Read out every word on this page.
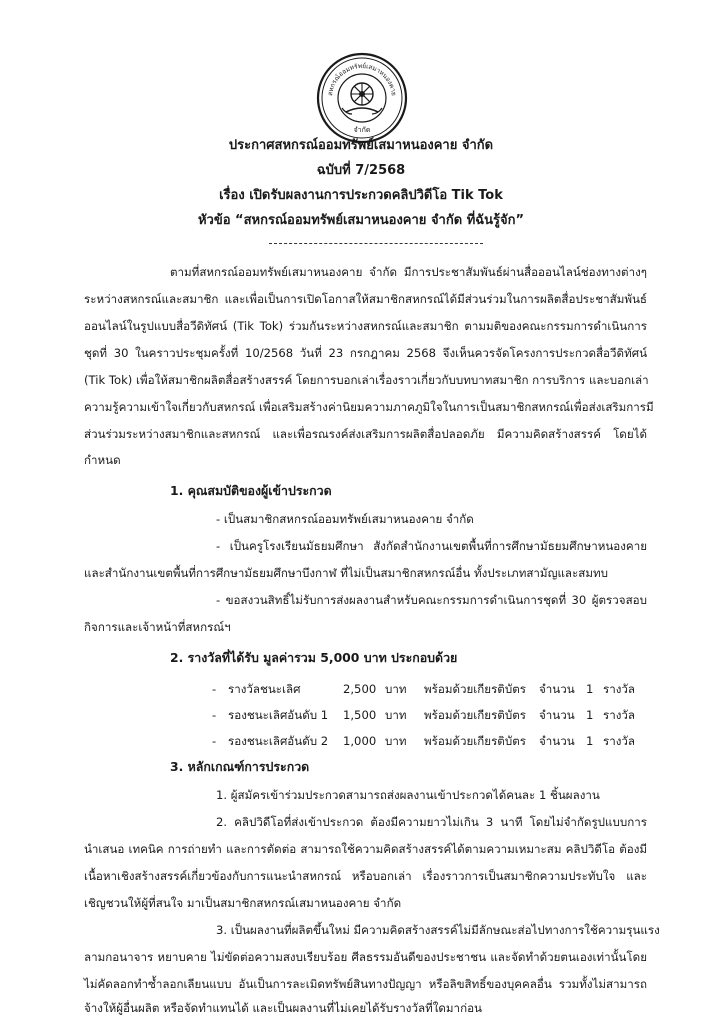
สหกรณ์ออมทรัพย์เสมาหนองคาย
จำกัด
ประกาศสหกรณ์ออมทรัพย์เสมาหนองคาย จำกัด
ฉบับที่ 7/2568
เรื่อง เปิดรับผลงานการประกวดคลิปวิดีโอ Tik Tok
หัวข้อ “สหกรณ์ออมทรัพย์เสมาหนองคาย จำกัด ที่ฉันรู้จัก”
ตามที่สหกรณ์ออมทรัพย์เสมาหนองคาย จำกัด มีการประชาสัมพันธ์ผ่านสื่อออนไลน์ช่องทางต่างๆ
ระหว่างสหกรณ์และสมาชิก และเพื่อเป็นการเปิดโอกาสให้สมาชิกสหกรณ์ได้มีส่วนร่วมในการผลิตสื่อประชาสัมพันธ์
ออนไลน์ในรูปแบบสื่อวีดิทัศน์ (Tik Tok) ร่วมกันระหว่างสหกรณ์และสมาชิก ตามมติของคณะกรรมการดำเนินการ
ชุดที่ 30 ในคราวประชุมครั้งที่ 10/2568 วันที่ 23 กรกฎาคม 2568 จึงเห็นควรจัดโครงการประกวดสื่อวีดิทัศน์
(Tik Tok) เพื่อให้สมาชิกผลิตสื่อสร้างสรรค์ โดยการบอกเล่าเรื่องราวเกี่ยวกับบทบาทสมาชิก การบริการ และบอกเล่า
ความรู้ความเข้าใจเกี่ยวกับสหกรณ์ เพื่อเสริมสร้างค่านิยมความภาคภูมิใจในการเป็นสมาชิกสหกรณ์เพื่อส่งเสริมการมี
ส่วนร่วมระหว่างสมาชิกและสหกรณ์ และเพื่อรณรงค์ส่งเสริมการผลิตสื่อปลอดภัย มีความคิดสร้างสรรค์ โดยได้
กำหนด
1. คุณสมบัติของผู้เข้าประกวด
- เป็นสมาชิกสหกรณ์ออมทรัพย์เสมาหนองคาย จำกัด
- เป็นครูโรงเรียนมัธยมศึกษา สังกัดสำนักงานเขตพื้นที่การศึกษามัธยมศึกษาหนองคาย
และสำนักงานเขตพื้นที่การศึกษามัธยมศึกษาบึงกาฬ ที่ไม่เป็นสมาชิกสหกรณ์อื่น ทั้งประเภทสามัญและสมทบ
- ขอสงวนสิทธิ์ไม่รับการส่งผลงานสำหรับคณะกรรมการดำเนินการชุดที่ 30 ผู้ตรวจสอบ
กิจการและเจ้าหน้าที่สหกรณ์ฯ
2. รางวัลที่ได้รับ มูลค่ารวม 5,000 บาท ประกอบด้วย
- รางวัลชนะเลิศ	2,500 บาท พร้อมด้วยเกียรติบัตร จำนวน 1 รางวัล
- รองชนะเลิศอันดับ 1 1,500 บาท พร้อมด้วยเกียรติบัตร จำนวน 1 รางวัล
- รองชนะเลิศอันดับ 2 1,000 บาท พร้อมด้วยเกียรติบัตร จำนวน 1 รางวัล
3. หลักเกณฑ์การประกวด
1. ผู้สมัครเข้าร่วมประกวดสามารถส่งผลงานเข้าประกวดได้คนละ 1 ชิ้นผลงาน
2. คลิปวิดีโอที่ส่งเข้าประกวด ต้องมีความยาวไม่เกิน 3 นาที โดยไม่จำกัดรูปแบบการ
นำเสนอ เทคนิค การถ่ายทำ และการตัดต่อ สามารถใช้ความคิดสร้างสรรค์ได้ตามความเหมาะสม คลิปวิดีโอ ต้องมี
เนื้อหาเชิงสร้างสรรค์เกี่ยวข้องกับการแนะนำสหกรณ์ หรือบอกเล่า เรื่องราวการเป็นสมาชิกความประทับใจ และ
เชิญชวนให้ผู้ที่สนใจ มาเป็นสมาชิกสหกรณ์เสมาหนองคาย จำกัด
3. เป็นผลงานที่ผลิตขึ้นใหม่ มีความคิดสร้างสรรค์ไม่มีลักษณะส่อไปทางการใช้ความรุนแรง
ลามกอนาจาร หยาบคาย ไม่ขัดต่อความสงบเรียบร้อย ศีลธรรมอันดีของประชาชน และจัดทำด้วยตนเองเท่านั้นโดย
ไม่คัดลอกทำซ้ำลอกเลียนแบบ อันเป็นการละเมิดทรัพย์สินทางปัญญา หรือลิขสิทธิ์ของบุคคลอื่น รวมทั้งไม่สามารถ
จ้างให้ผู้อื่นผลิต หรือจัดทำแทนได้ และเป็นผลงานที่ไม่เคยได้รับรางวัลที่ใดมาก่อน
